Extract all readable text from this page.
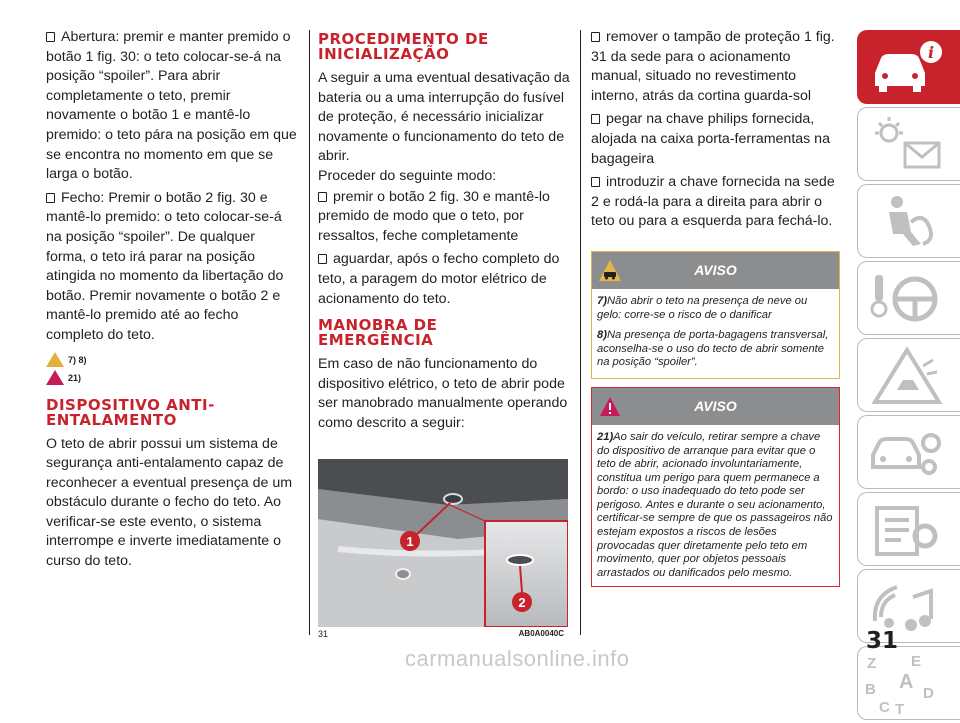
Abertura: premir e manter premido o botão 1 fig. 30: o teto colocar-se-á na posição “spoiler”. Para abrir completamente o teto, premir novamente o botão 1 e mantê-lo premido: o teto pára na posição em que se encontra no momento em que se larga o botão.

Fecho: Premir o botão 2 fig. 30 e mantê-lo premido: o teto colocar-se-á na posição “spoiler”. De qualquer forma, o teto irá parar na posição atingida no momento da libertação do botão. Premir novamente o botão 2 e mantê-lo premido até ao fecho completo do teto.

7) 8)
21)
DISPOSITIVO ANTI-ENTALAMENTO

O teto de abrir possui um sistema de segurança anti-entalamento capaz de reconhecer a eventual presença de um obstáculo durante o fecho do teto. Ao verificar-se este evento, o sistema interrompe e inverte imediatamente o curso do teto.

PROCEDIMENTO DE INICIALIZAÇÃO

A seguir a uma eventual desativação da bateria ou a uma interrupção do fusível de proteção, é necessário inicializar novamente o funcionamento do teto de abrir.

Proceder do seguinte modo:

premir o botão 2 fig. 30 e mantê-lo premido de modo que o teto, por ressaltos, feche completamente

aguardar, após o fecho completo do teto, a paragem do motor elétrico de acionamento do teto.

MANOBRA DE EMERGÊNCIA

Em caso de não funcionamento do dispositivo elétrico, o teto de abrir pode ser manobrado manualmente operando como descrito a seguir:

1
2
31	AB0A0040C

remover o tampão de proteção 1 fig. 31 da sede para o acionamento manual, situado no revestimento interno, atrás da cortina guarda-sol

pegar na chave philips fornecida, alojada na caixa porta-ferramentas na bagageira

introduzir a chave fornecida na sede 2 e rodá-la para a direita para abrir o teto ou para a esquerda para fechá-lo.

AVISO
7)Não abrir o teto na presença de neve ou gelo: corre-se o risco de o danificar
8)Na presença de porta-bagagens transversal, aconselha-se o uso do tecto de abrir somente na posição “spoiler”.
AVISO
21)Ao sair do veículo, retirar sempre a chave do dispositivo de arranque para evitar que o teto de abrir, acionado involuntariamente, constitua um perigo para quem permanece a bordo: o uso inadequado do teto pode ser perigoso. Antes e durante o seu acionamento, certificar-se sempre de que os passageiros não estejam expostos a riscos de lesões provocadas quer diretamente pelo teto em movimento, quer por objetos pessoais arrastados ou danificados pelo mesmo.
i
Z E
A
B	D
C T
31
carmanualsonline.info
